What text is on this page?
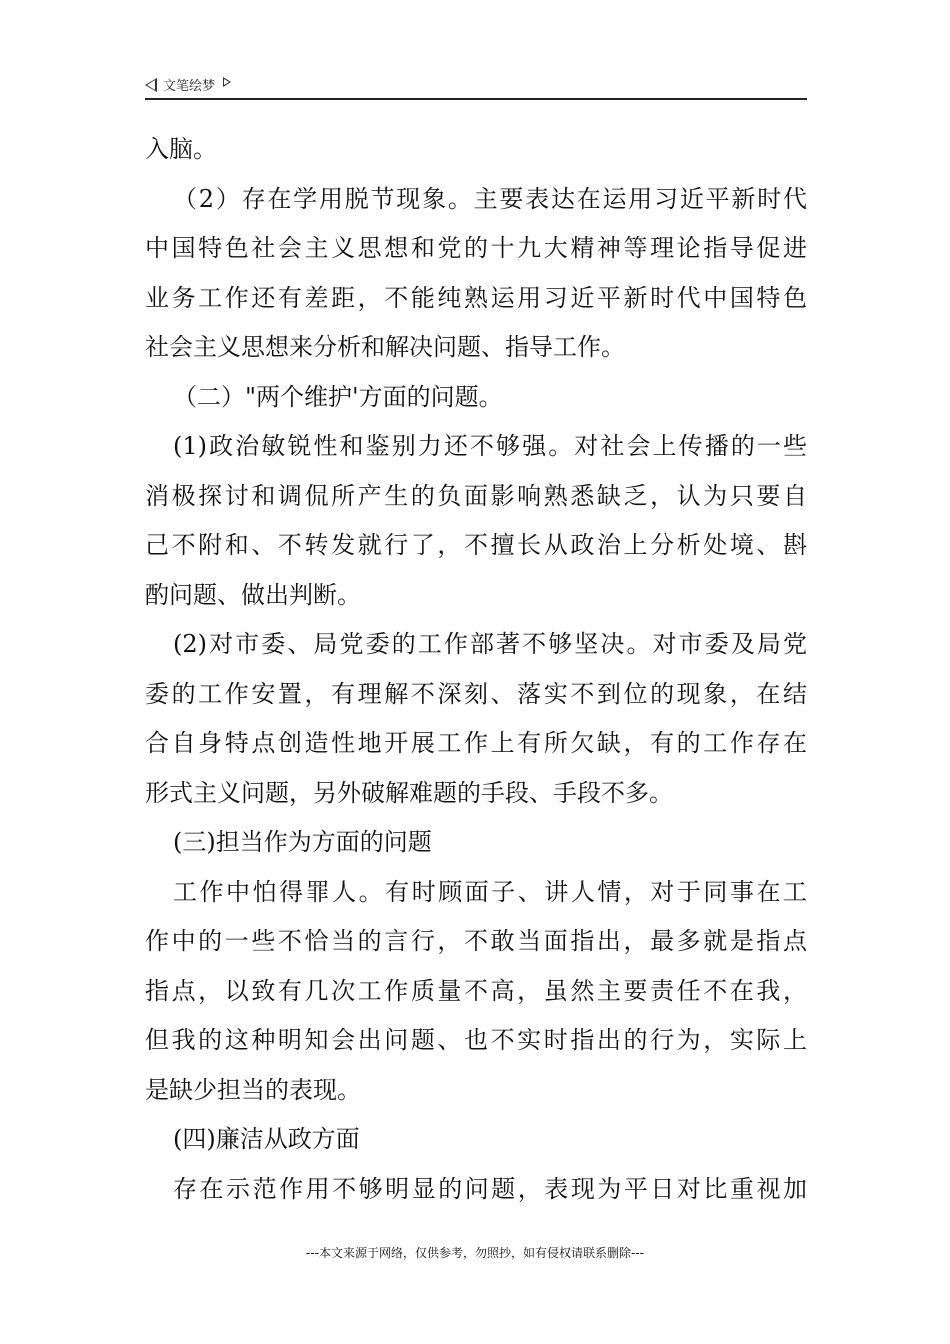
文笔绘梦
入脑。
（2）存在学用脱节现象。主要表达在运用习近平新时代
中国特色社会主义思想和党的十九大精神等理论指导促进
业务工作还有差距，不能纯熟运用习近平新时代中国特色
社会主义思想来分析和解决问题、指导工作。
（二）"两个维护'方面的问题。
(1)政治敏锐性和鉴别力还不够强。对社会上传播的一些
消极探讨和调侃所产生的负面影响熟悉缺乏，认为只要自
己不附和、不转发就行了，不擅长从政治上分析处境、斟
酌问题、做出判断。
(2)对市委、局党委的工作部著不够坚决。对市委及局党
委的工作安置，有理解不深刻、落实不到位的现象，在结
合自身特点创造性地开展工作上有所欠缺，有的工作存在
形式主义问题，另外破解难题的手段、手段不多。
(三)担当作为方面的问题
工作中怕得罪人。有时顾面子、讲人情，对于同事在工
作中的一些不恰当的言行，不敢当面指出，最多就是指点
指点，以致有几次工作质量不高，虽然主要责任不在我，
但我的这种明知会出问题、也不实时指出的行为，实际上
是缺少担当的表现。
(四)廉洁从政方面
存在示范作用不够明显的问题，表现为平日对比重视加
---本文来源于网络，仅供参考，勿照抄，如有侵权请联系删除---
